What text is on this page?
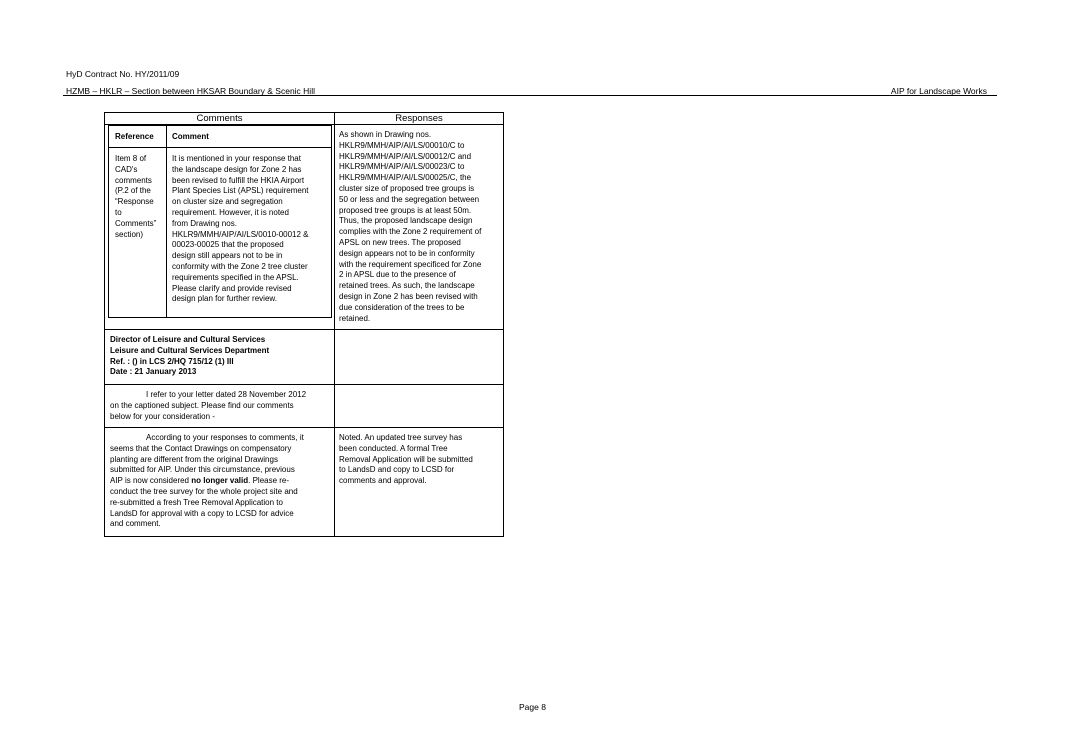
HyD Contract No. HY/2011/09
HZMB – HKLR – Section between HKSAR Boundary & Scenic Hill	AIP for Landscape Works
Comments	Responses
Reference Comment
Item 8 of
CAD's
comments
(P.2 of the
“Response
to
Comments”
section)
It is mentioned in your response that
the landscape design for Zone 2 has
been revised to fulfill the HKIA Airport
Plant Species List (APSL) requirement
on cluster size and segregation
requirement. However, it is noted
from Drawing nos.
HKLR9/MMH/AIP/AI/LS/0010-00012 &
00023-00025 that the proposed
design still appears not to be in
conformity with the Zone 2 tree cluster
requirements specified in the APSL.
Please clarify and provide revised
design plan for further review.
As shown in Drawing nos.
HKLR9/MMH/AIP/AI/LS/00010/C to
HKLR9/MMH/AIP/AI/LS/00012/C and
HKLR9/MMH/AIP/AI/LS/00023/C to
HKLR9/MMH/AIP/AI/LS/00025/C, the
cluster size of proposed tree groups is
50 or less and the segregation between
proposed tree groups is at least 50m.
Thus, the proposed landscape design
complies with the Zone 2 requirement of
APSL on new trees. The proposed
design appears not to be in conformity
with the requirement specificed for Zone
2 in APSL due to the presence of
retained trees. As such, the landscape
design in Zone 2 has been revised with
due consideration of the trees to be
retained.
Director of Leisure and Cultural Services
Leisure and Cultural Services Department
Ref. : () in LCS 2/HQ 715/12 (1) III
Date : 21 January 2013
I refer to your letter dated 28 November 2012
on the captioned subject. Please find our comments
below for your consideration -
According to your responses to comments, it
seems that the Contact Drawings on compensatory
planting are different from the original Drawings
submitted for AIP. Under this circumstance, previous
AIP is now considered no longer valid. Please re-
conduct the tree survey for the whole project site and
re-submitted a fresh Tree Removal Application to
LandsD for approval with a copy to LCSD for advice
and comment.
Noted. An updated tree survey has
been conducted. A formal Tree
Removal Application will be submitted
to LandsD and copy to LCSD for
comments and approval.
Page 8
